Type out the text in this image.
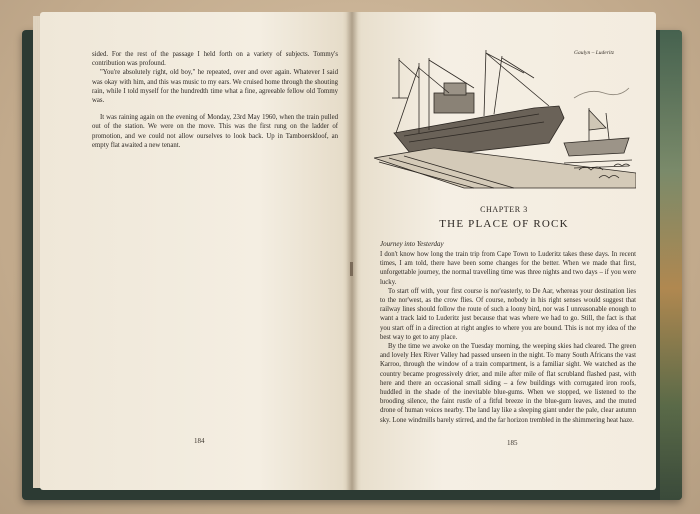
sided. For the rest of the passage I held forth on a variety of subjects. Tommy's contribution was profound.

"You're absolutely right, old boy," he repeated, over and over again. Whatever I said was okay with him, and this was music to my ears. We cruised home through the shouting rain, while I told myself for the hundredth time what a fine, agreeable fellow old Tommy was.

It was raining again on the evening of Monday, 23rd May 1960, when the train pulled out of the station. We were on the move. This was the first rung on the ladder of promotion, and we could not allow ourselves to look back. Up in Tamboerskloof, an empty flat awaited a new tenant.

184
Gaulyn – Luderitz
CHAPTER 3
THE PLACE OF ROCK
Journey into Yesterday

I don't know how long the train trip from Cape Town to Luderitz takes these days. In recent times, I am told, there have been some changes for the better. When we made that first, unforgettable journey, the normal travelling time was three nights and two days – if you were lucky.

To start off with, your first course is nor'easterly, to De Aar, whereas your destination lies to the nor'west, as the crow flies. Of course, nobody in his right senses would suggest that railway lines should follow the route of such a loony bird, nor was I unreasonable enough to want a track laid to Luderitz just because that was where we had to go. Still, the fact is that you start off in a direction at right angles to where you are bound. This is not my idea of the best way to get to any place.

By the time we awoke on the Tuesday morning, the weeping skies had cleared. The green and lovely Hex River Valley had passed unseen in the night. To many South Africans the vast Karroo, through the window of a train compartment, is a familiar sight. We watched as the country became progressively drier, and mile after mile of flat scrubland flashed past, with here and there an occasional small siding – a few buildings with corrugated iron roofs, huddled in the shade of the inevitable blue-gums. When we stopped, we listened to the brooding silence, the faint rustle of a fitful breeze in the blue-gum leaves, and the muted drone of human voices nearby. The land lay like a sleeping giant under the pale, clear autumn sky. Lone windmills barely stirred, and the far horizon trembled in the shimmering heat haze.

185
